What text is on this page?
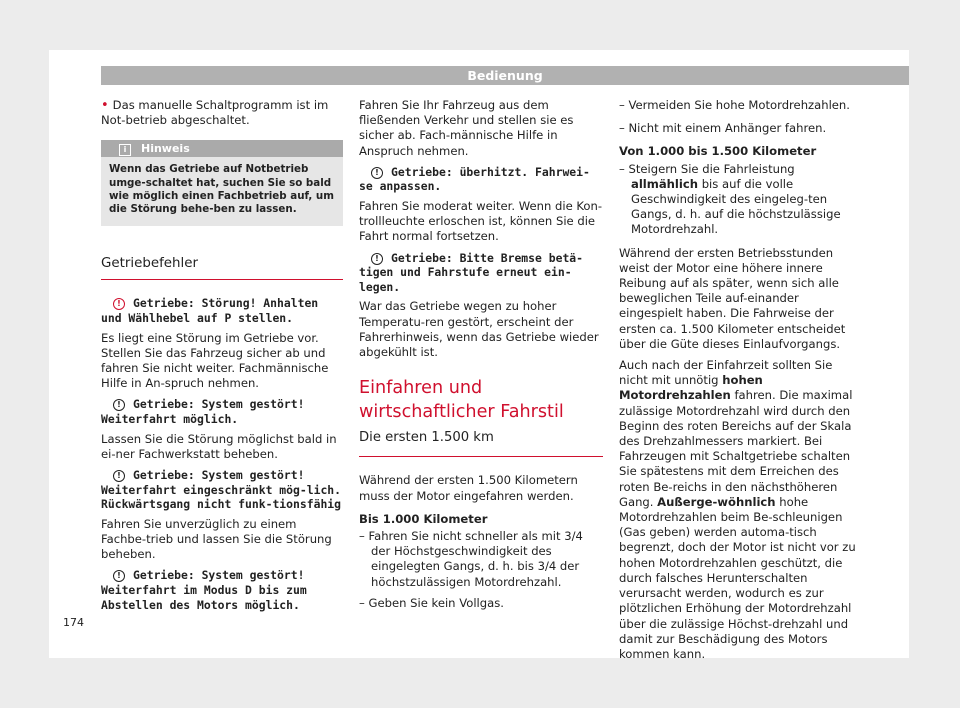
Bedienung

• Das manuelle Schaltprogramm ist im Not-betrieb abgeschaltet.

i Hinweis
Wenn das Getriebe auf Notbetrieb umge-schaltet hat, suchen Sie so bald wie möglich einen Fachbetrieb auf, um die Störung behe-ben zu lassen.
Getriebefehler

! Getriebe: Störung! Anhalten und Wählhebel auf P stellen.

Es liegt eine Störung im Getriebe vor. Stellen Sie das Fahrzeug sicher ab und fahren Sie nicht weiter. Fachmännische Hilfe in An-spruch nehmen.

! Getriebe: System gestört! Weiterfahrt möglich.

Lassen Sie die Störung möglichst bald in ei-ner Fachwerkstatt beheben.

! Getriebe: System gestört! Weiterfahrt eingeschränkt mög-lich. Rückwärtsgang nicht funk-tionsfähig

Fahren Sie unverzüglich zu einem Fachbe-trieb und lassen Sie die Störung beheben.

! Getriebe: System gestört! Weiterfahrt im Modus D bis zum Abstellen des Motors möglich.

Fahren Sie Ihr Fahrzeug aus dem fließenden Verkehr und stellen sie es sicher ab. Fach-männische Hilfe in Anspruch nehmen.

! Getriebe: überhitzt. Fahrwei-se anpassen.

Fahren Sie moderat weiter. Wenn die Kon-trollleuchte erloschen ist, können Sie die Fahrt normal fortsetzen.

! Getriebe: Bitte Bremse betä-tigen und Fahrstufe erneut ein-legen.

War das Getriebe wegen zu hoher Temperatu-ren gestört, erscheint der Fahrerhinweis, wenn das Getriebe wieder abgekühlt ist.

Einfahren und wirtschaftlicher Fahrstil
Die ersten 1.500 km

Während der ersten 1.500 Kilometern muss der Motor eingefahren werden.

Bis 1.000 Kilometer

– Fahren Sie nicht schneller als mit 3/4 der Höchstgeschwindigkeit des eingelegten Gangs, d. h. bis 3/4 der höchstzulässigen Motordrehzahl.

– Geben Sie kein Vollgas.

– Vermeiden Sie hohe Motordrehzahlen.

– Nicht mit einem Anhänger fahren.

Von 1.000 bis 1.500 Kilometer

– Steigern Sie die Fahrleistung allmählich bis auf die volle Geschwindigkeit des eingeleg-ten Gangs, d. h. auf die höchstzulässige Motordrehzahl.

Während der ersten Betriebsstunden weist der Motor eine höhere innere Reibung auf als später, wenn sich alle beweglichen Teile auf-einander eingespielt haben. Die Fahrweise der ersten ca. 1.500 Kilometer entscheidet über die Güte dieses Einlaufvorgangs.

Auch nach der Einfahrzeit sollten Sie nicht mit unnötig hohen Motordrehzahlen fahren. Die maximal zulässige Motordrehzahl wird durch den Beginn des roten Bereichs auf der Skala des Drehzahlmessers markiert. Bei Fahrzeugen mit Schaltgetriebe schalten Sie spätestens mit dem Erreichen des roten Be-reichs in den nächsthöheren Gang. Außerge-wöhnlich hohe Motordrehzahlen beim Be-schleunigen (Gas geben) werden automa-tisch begrenzt, doch der Motor ist nicht vor zu hohen Motordrehzahlen geschützt, die durch falsches Herunterschalten verursacht werden, wodurch es zur plötzlichen Erhöhung der Motordrehzahl über die zulässige Höchst-drehzahl und damit zur Beschädigung des Motors kommen kann.

174
